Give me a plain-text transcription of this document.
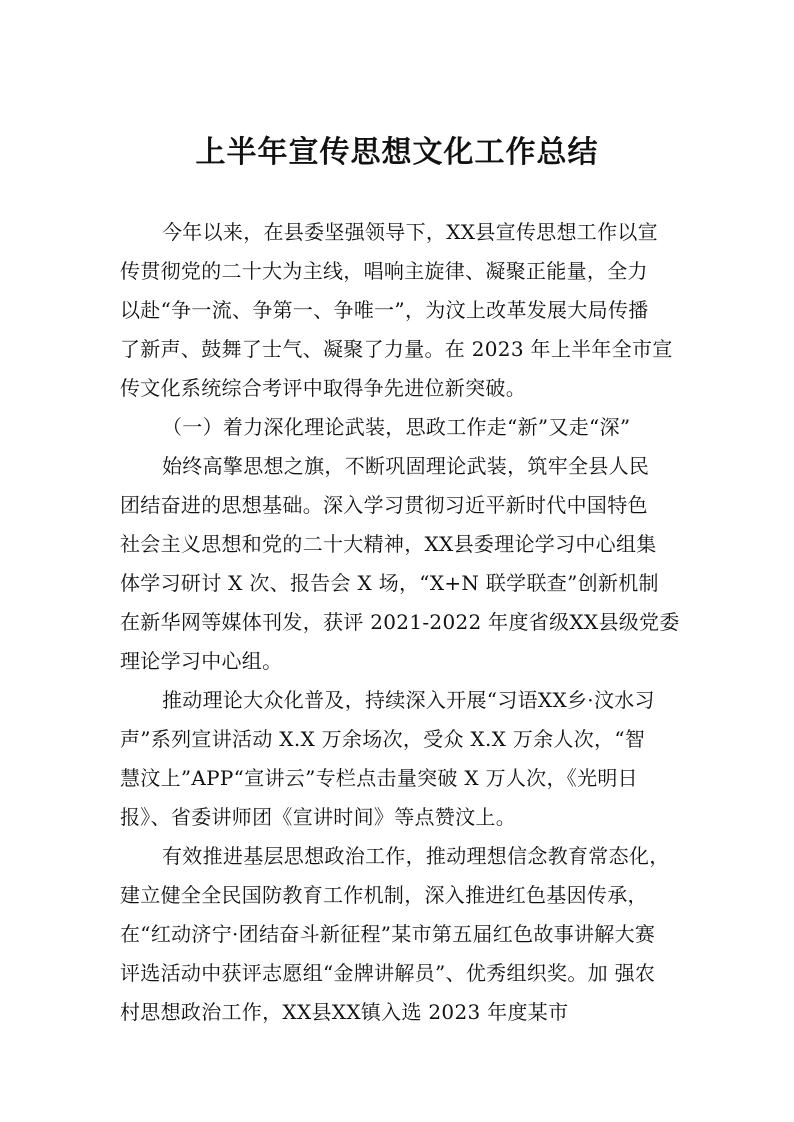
上半年宣传思想文化工作总结
今年以来，在县委坚强领导下，XX县宣传思想工作以宣
传贯彻党的二十大为主线，唱响主旋律、凝聚正能量，全力
以赴“争一流、争第一、争唯一”，为汶上改革发展大局传播
了新声、鼓舞了士气、凝聚了力量。在 2023 年上半年全市宣
传文化系统综合考评中取得争先进位新突破。
（一）着力深化理论武装，思政工作走“新”又走“深”
始终高擎思想之旗，不断巩固理论武装，筑牢全县人民
团结奋进的思想基础。深入学习贯彻习近平新时代中国特色
社会主义思想和党的二十大精神，XX县委理论学习中心组集
体学习研讨 X 次、报告会 X 场，“X+N 联学联查”创新机制
在新华网等媒体刊发，获评 2021-2022 年度省级XX县级党委
理论学习中心组。
推动理论大众化普及，持续深入开展“习语XX乡·汶水习
声”系列宣讲活动 X.X 万余场次，受众 X.X 万余人次，“智
慧汶上”APP“宣讲云”专栏点击量突破 X 万人次，《光明日
报》、省委讲师团《宣讲时间》等点赞汶上。
有效推进基层思想政治工作，推动理想信念教育常态化，
建立健全全民国防教育工作机制，深入推进红色基因传承，
在“红动济宁·团结奋斗新征程”某市第五届红色故事讲解大赛
评选活动中获评志愿组“金牌讲解员”、优秀组织奖。加 强农
村思想政治工作，XX县XX镇入选 2023 年度某市
